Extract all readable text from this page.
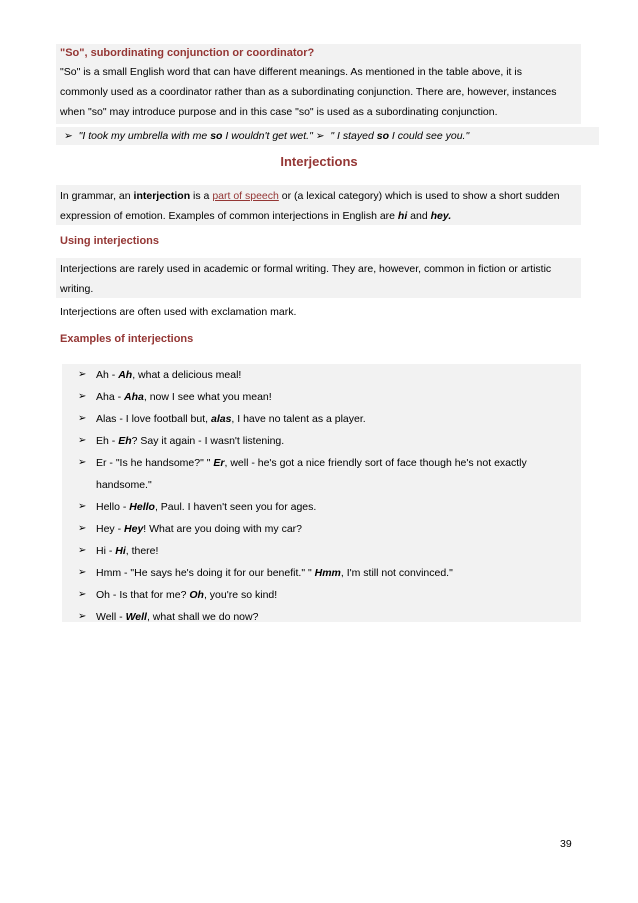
"So", subordinating conjunction or coordinator?
"So" is a small English word that can have different meanings. As mentioned in the table above, it is
commonly used as a coordinator rather than as a subordinating conjunction. There are, however, instances
when "so" may introduce purpose and in this case "so" is used as a subordinating conjunction.
➢ "I took my umbrella with me so I wouldn't get wet." ➢ " I stayed so I could see you."
Interjections
In grammar, an interjection is a part of speech or (a lexical category) which is used to show a short sudden
expression of emotion. Examples of common interjections in English are hi and hey.
Using interjections
Interjections are rarely used in academic or formal writing. They are, however, common in fiction or artistic
writing.
Interjections are often used with exclamation mark.
Examples of interjections
➢ Ah - Ah, what a delicious meal!
➢ Aha - Aha, now I see what you mean!
➢ Alas - I love football but, alas, I have no talent as a player.
➢ Eh - Eh? Say it again - I wasn't listening.
➢ Er - "Is he handsome?" " Er, well - he's got a nice friendly sort of face though he's not exactly
handsome."
➢ Hello - Hello, Paul. I haven't seen you for ages.
➢ Hey - Hey! What are you doing with my car?
➢ Hi - Hi, there!
➢ Hmm - "He says he's doing it for our benefit." " Hmm, I'm still not convinced."
➢ Oh - Is that for me? Oh, you're so kind!
➢ Well - Well, what shall we do now?
39
